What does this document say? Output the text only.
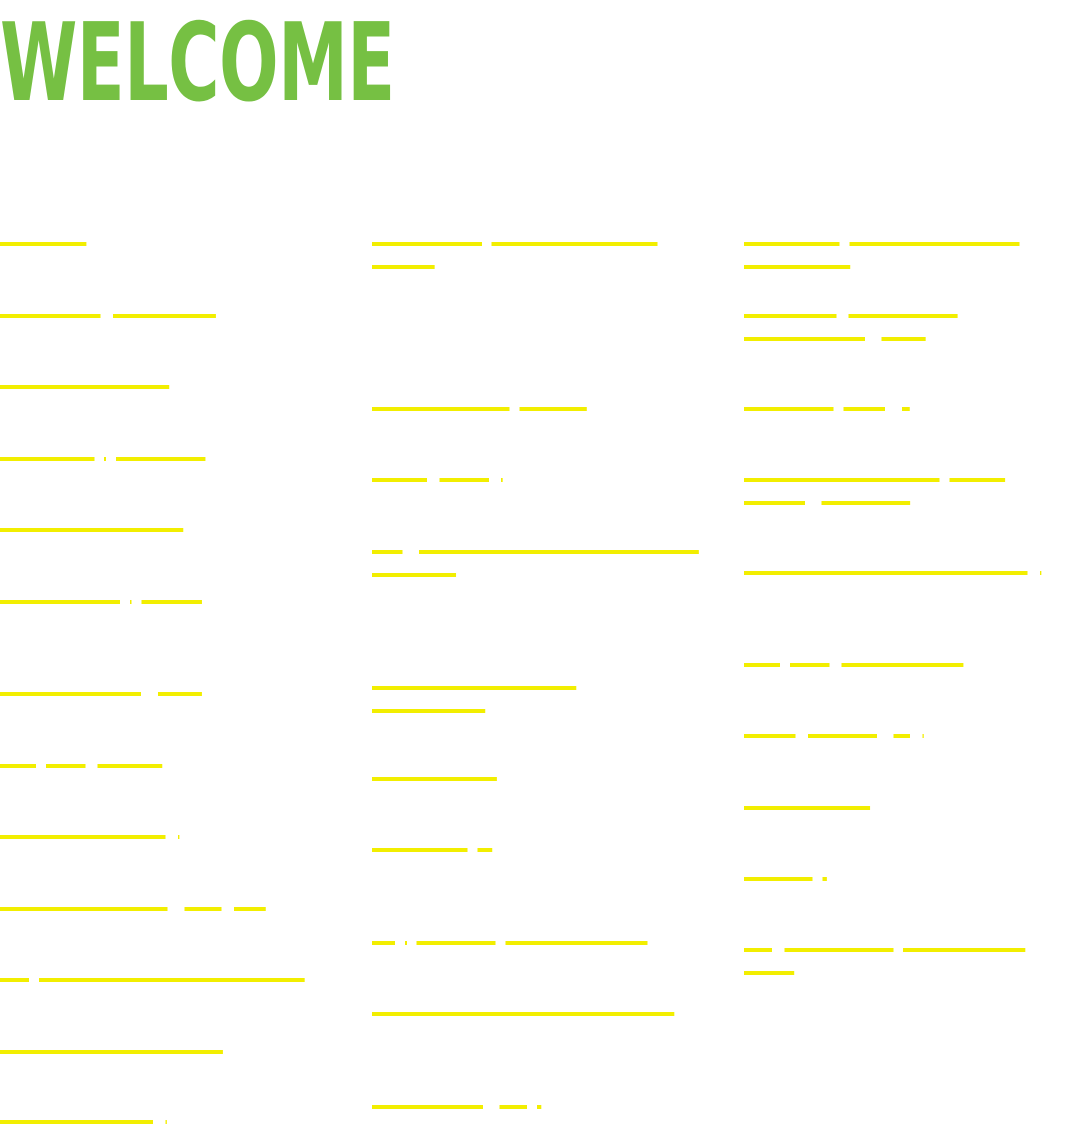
WELCOME
About Us
Accessibility Statement
Board of Directors
Careers Opportunities
Contact Information
Donate to Support Us
Events and Programs
Frequently Asked
Get Involved Today
Give Online Through PayPal
Help Line and Resources Center
Join Our Newsletter List
Member Directory
Our Mission, Vision and Guiding Values
Partners and Sponsors
Privacy Policy
Programs for Youth and Families in Our Area
Public Resources and Publications
Recent News
Scholarships
Support Groups and Services
Terms and Conditions of Service
Volunteer Sign Up
Annual Reports and Financial Statements
Community Health and Wellness Programs
Current Openings
Educational Workshops and Training Sessions
Find a Location Near You Today
Frequently Used Forms
History and Legacy
Media Center
Site Map
Why Choose Us, Your Trusted Local
